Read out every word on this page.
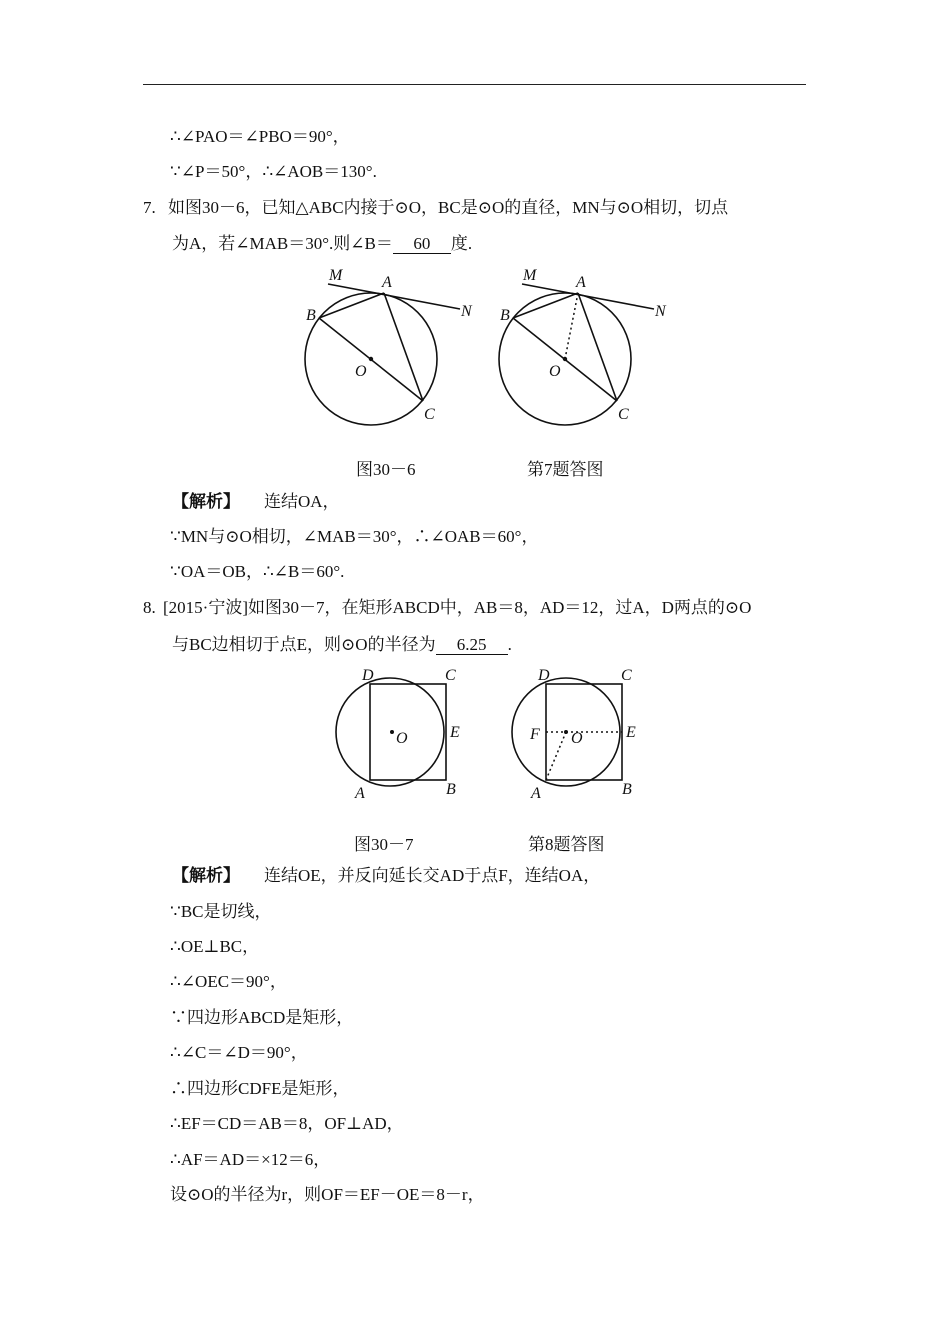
∴∠PAO＝∠PBO＝90°，
∵∠P＝50°，∴∠AOB＝130°.
7. 如图30－6，已知△ABC内接于⊙O，BC是⊙O的直径，MN与⊙O相切，切点
为A，若∠MAB＝30°.则∠B＝ 60 度.
M A
N
B
O
C
M A
N
B
O
C
D	C
E
O
A	B
D	C
E
F O
A	B
图30－6	第7题答图
【解析】 连结OA，
∵MN与⊙O相切，∠MAB＝30°，∴∠OAB＝60°，
∵OA＝OB，∴∠B＝60°.
8. [2015·宁波]如图30－7，在矩形ABCD中，AB＝8，AD＝12，过A，D两点的⊙O
与BC边相切于点E，则⊙O的半径为 6.25 .
图30－7	第8题答图
【解析】 连结OE，并反向延长交AD于点F，连结OA，
∵BC是切线，
∴OE⊥BC，
∴∠OEC＝90°，
∵四边形ABCD是矩形，
∴∠C＝∠D＝90°，
∴四边形CDFE是矩形，
∴EF＝CD＝AB＝8，OF⊥AD，
∴AF＝AD＝×12＝6，
设⊙O的半径为r，则OF＝EF－OE＝8－r，
